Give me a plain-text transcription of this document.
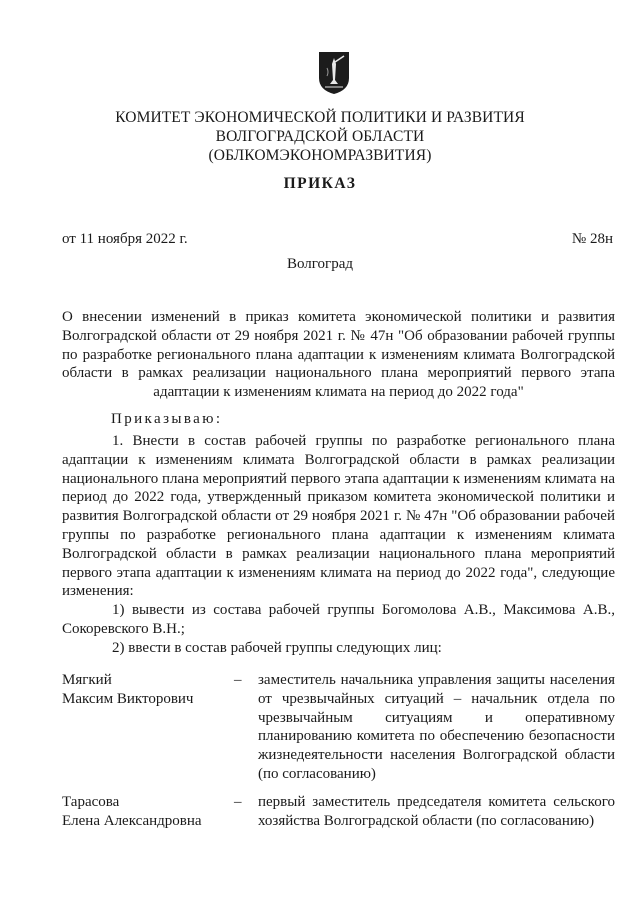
КОМИТЕТ ЭКОНОМИЧЕСКОЙ ПОЛИТИКИ И РАЗВИТИЯ
ВОЛГОГРАДСКОЙ ОБЛАСТИ
(ОБЛКОМЭКОНОМРАЗВИТИЯ)
ПРИКАЗ
от 11 ноября 2022 г.	№ 28н
Волгоград
О внесении изменений в приказ комитета экономической политики и развития Волгоградской области от 29 ноября 2021 г. № 47н "Об образовании рабочей группы по разработке регионального плана адаптации к изменениям климата Волгоградской области в рамках реализации национального плана мероприятий первого этапа адаптации к изменениям климата на период до 2022 года"
Приказываю:
1. Внести в состав рабочей группы по разработке регионального плана адаптации к изменениям климата Волгоградской области в рамках реализации национального плана мероприятий первого этапа адаптации к изменениям климата на период до 2022 года, утвержденный приказом комитета экономической политики и развития Волгоградской области от 29 ноября 2021 г. № 47н "Об образовании рабочей группы по разработке регионального плана адаптации к изменениям климата Волгоградской области в рамках реализации национального плана мероприятий первого этапа адаптации к изменениям климата на период до 2022 года", следующие изменения:
1) вывести из состава рабочей группы Богомолова А.В., Максимова А.В., Сокоревского В.Н.;
2) ввести в состав рабочей группы следующих лиц:
Мягкий
Максим Викторович
– заместитель начальника управления защиты населения от чрезвычайных ситуаций – начальник отдела по чрезвычайным ситуациям и оперативному планированию комитета по обеспечению безопасности жизнедеятельности населения Волгоградской области (по согласованию)
Тарасова
Елена Александровна
– первый заместитель председателя комитета сельского хозяйства Волгоградской области (по согласованию)
